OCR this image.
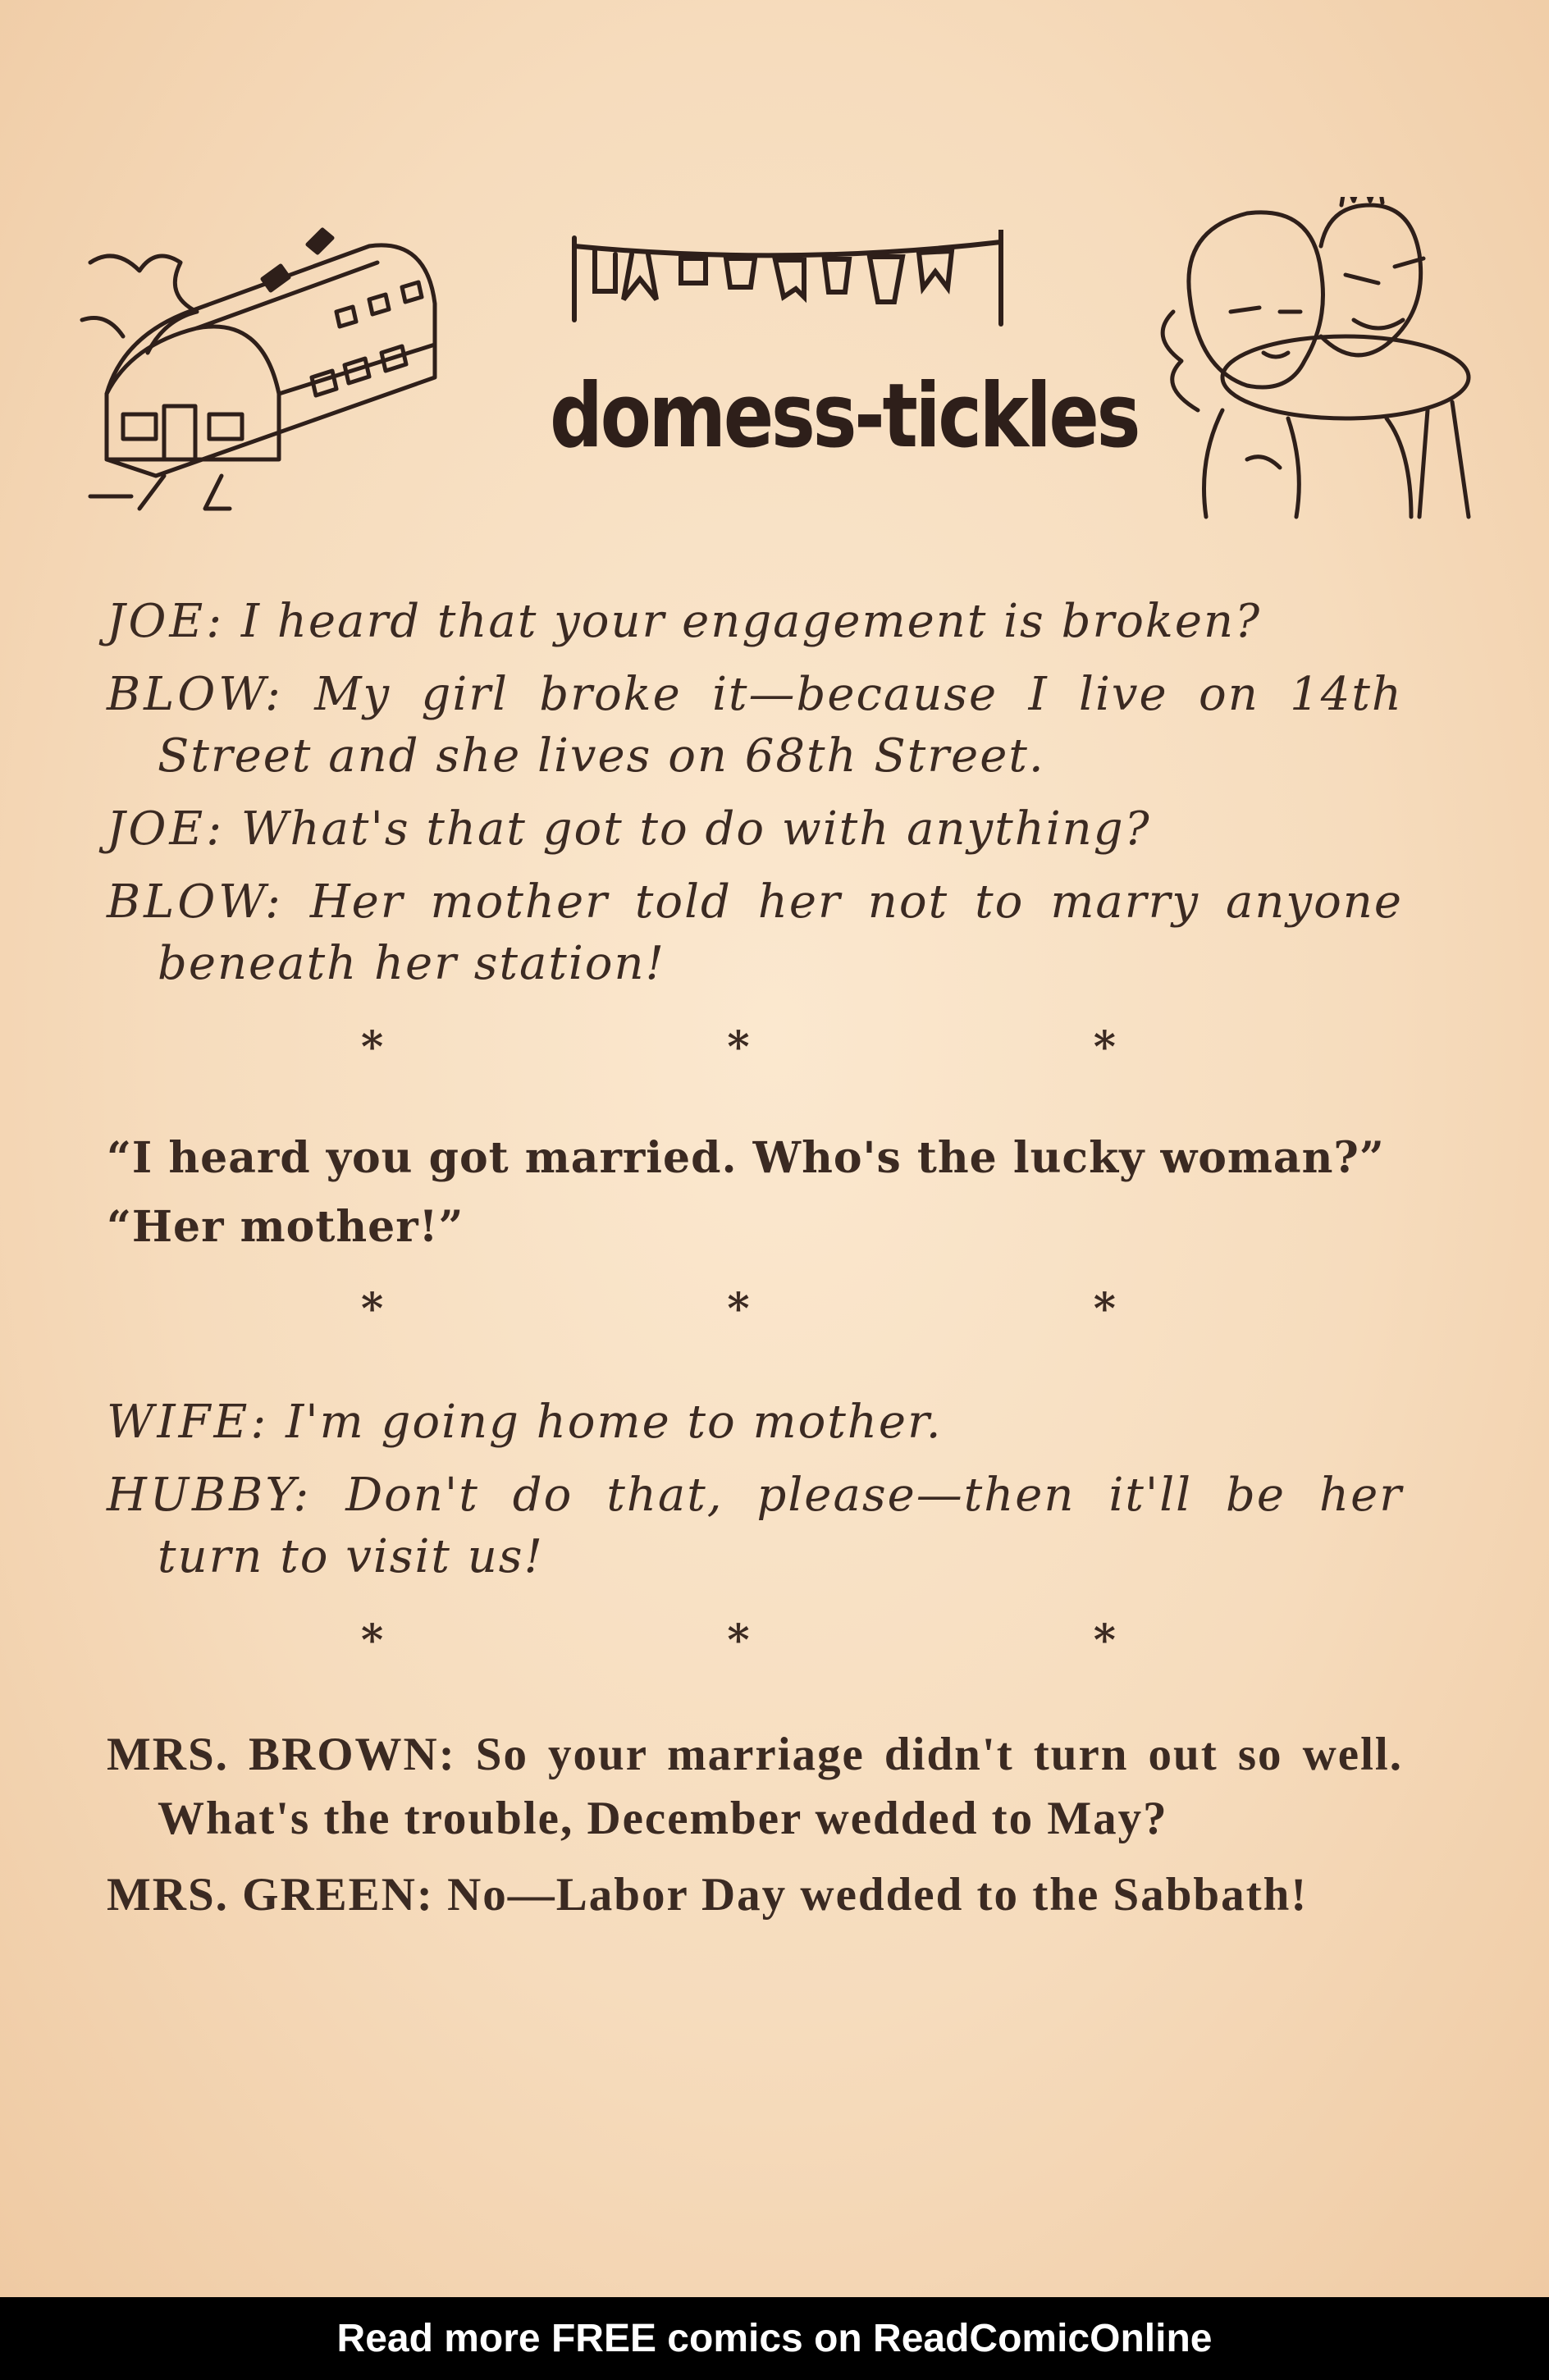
domess-tickles
JOE: I heard that your engagement is broken?
BLOW: My girl broke it—because I live on 14th Street and she lives on 68th Street.
JOE: What's that got to do with anything?
BLOW: Her mother told her not to marry anyone beneath her station!
*	*	*
“I heard you got married. Who's the lucky woman?”
“Her mother!”
*	*	*
WIFE: I'm going home to mother.
HUBBY: Don't do that, please—then it'll be her turn to visit us!
*	*	*
MRS. BROWN: So your marriage didn't turn out so well. What's the trouble, December wedded to May?
MRS. GREEN: No—Labor Day wedded to the Sabbath!
Read more FREE comics on ReadComicOnline
